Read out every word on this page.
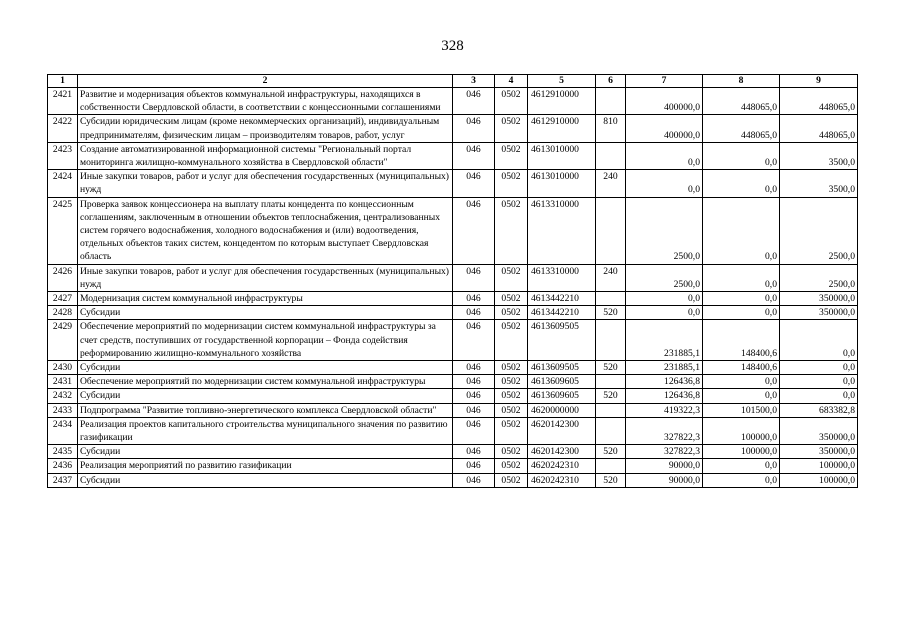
328
1	2	3	4	5	6	7	8	9
2421	Развитие и модернизация объектов коммунальной инфраструктуры, находящихся в собственности Свердловской области, в соответствии с концессионными соглашениями	046	0502	4612910000		400000,0	448065,0	448065,0
2422	Субсидии юридическим лицам (кроме некоммерческих организаций), индивидуальным предпринимателям, физическим лицам – производителям товаров, работ, услуг	046	0502	4612910000	810	400000,0	448065,0	448065,0
2423	Создание автоматизированной информационной системы "Региональный портал мониторинга жилищно-коммунального хозяйства в Свердловской области"	046	0502	4613010000		0,0	0,0	3500,0
2424	Иные закупки товаров, работ и услуг для обеспечения государственных (муниципальных) нужд	046	0502	4613010000	240	0,0	0,0	3500,0
2425	Проверка заявок концессионера на выплату платы концедента по концессионным соглашениям, заключенным в отношении объектов теплоснабжения, централизованных систем горячего водоснабжения, холодного водоснабжения и (или) водоотведения, отдельных объектов таких систем, концедентом по которым выступает Свердловская область	046	0502	4613310000		2500,0	0,0	2500,0
2426	Иные закупки товаров, работ и услуг для обеспечения государственных (муниципальных) нужд	046	0502	4613310000	240	2500,0	0,0	2500,0
2427	Модернизация систем коммунальной инфраструктуры	046	0502	4613442210		0,0	0,0	350000,0
2428	Субсидии	046	0502	4613442210	520	0,0	0,0	350000,0
2429	Обеспечение мероприятий по модернизации систем коммунальной инфраструктуры за счет средств, поступивших от государственной корпорации – Фонда содействия реформированию жилищно-коммунального хозяйства	046	0502	4613609505		231885,1	148400,6	0,0
2430	Субсидии	046	0502	4613609505	520	231885,1	148400,6	0,0
2431	Обеспечение мероприятий по модернизации систем коммунальной инфраструктуры	046	0502	4613609605		126436,8	0,0	0,0
2432	Субсидии	046	0502	4613609605	520	126436,8	0,0	0,0
2433	Подпрограмма "Развитие топливно-энергетического комплекса Свердловской области"	046	0502	4620000000		419322,3	101500,0	683382,8
2434	Реализация проектов капитального строительства муниципального значения по развитию газификации	046	0502	4620142300		327822,3	100000,0	350000,0
2435	Субсидии	046	0502	4620142300	520	327822,3	100000,0	350000,0
2436	Реализация мероприятий по развитию газификации	046	0502	4620242310		90000,0	0,0	100000,0
2437	Субсидии	046	0502	4620242310	520	90000,0	0,0	100000,0
